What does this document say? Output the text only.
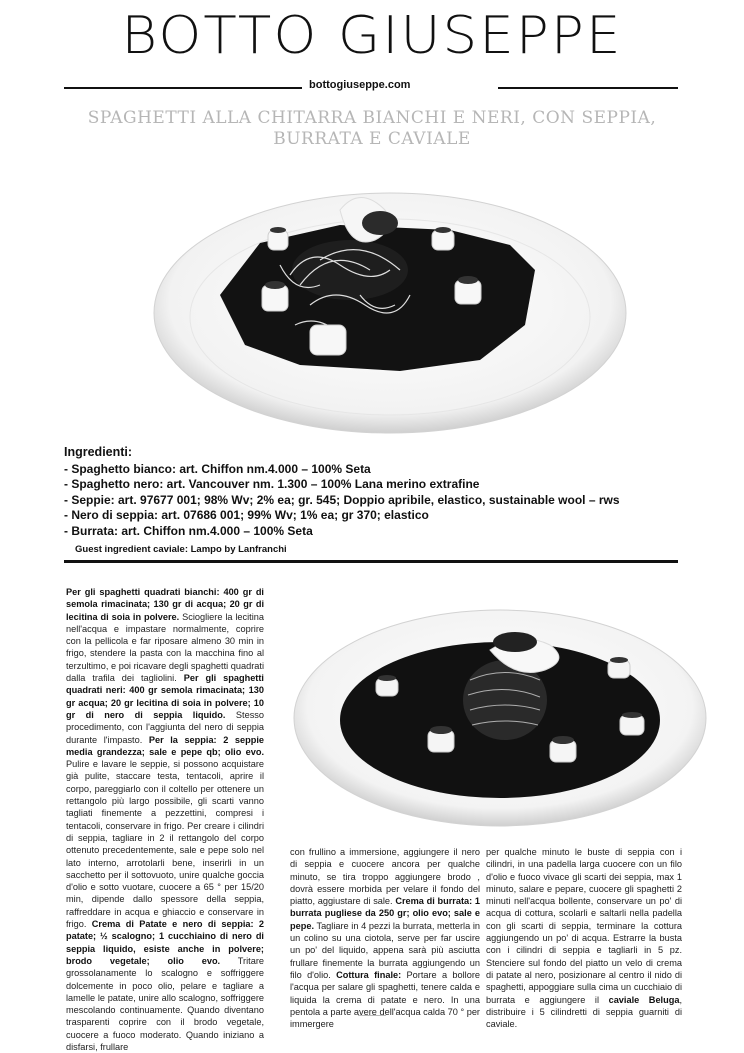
BOTTO GIUSEPPE
bottogiuseppe.com
SPAGHETTI ALLA CHITARRA BIANCHI E NERI, CON SEPPIA, BURRATA E CAVIALE
Ingredienti:
- Spaghetto bianco: art. Chiffon nm.4.000 – 100% Seta
- Spaghetto nero: art. Vancouver nm. 1.300 – 100% Lana merino extrafine
- Seppie: art. 97677 001; 98% Wv; 2% ea; gr. 545; Doppio apribile, elastico, sustainable wool – rws
- Nero di seppia: art. 07686 001; 99% Wv; 1% ea; gr 370; elastico
- Burrata: art. Chiffon nm.4.000 – 100% Seta
Guest ingredient caviale: Lampo by Lanfranchi
Per gli spaghetti quadrati bianchi: 400 gr di semola rimacinata; 130 gr di acqua; 20 gr di lecitina di soia in polvere. Sciogliere la lecitina nell'acqua e impastare normalmente, coprire con la pellicola e far riposare almeno 30 min in frigo, stendere la pasta con la macchina fino al terzultimo, e poi ricavare degli spaghetti quadrati dalla trafila dei tagliolini. Per gli spaghetti quadrati neri: 400 gr semola rimacinata; 130 gr acqua; 20 gr lecitina di soia in polvere; 10 gr di nero di seppia liquido. Stesso procedimento, con l'aggiunta del nero di seppia durante l'impasto. Per la seppia: 2 seppie media grandezza; sale e pepe qb; olio evo. Pulire e lavare le seppie, si possono acquistare già pulite, staccare testa, tentacoli, aprire il corpo, pareggiarlo con il coltello per ottenere un rettangolo più largo possibile, gli scarti vanno tagliati finemente a pezzettini, compresi i tentacoli, conservare in frigo. Per creare i cilindri di seppia, tagliare in 2 il rettangolo del corpo ottenuto precedentemente, sale e pepe solo nel lato interno, arrotolarli bene, inserirli in un sacchetto per il sottovuoto, unire qualche goccia d'olio e sotto vuotare, cuocere a 65 ° per 15/20 min, dipende dallo spessore della seppia, raffreddare in acqua e ghiaccio e conservare in frigo. Crema di Patate e nero di seppia: 2 patate; ½ scalogno; 1 cucchiaino di nero di seppia liquido, esiste anche in polvere; brodo vegetale; olio evo. Tritare grossolanamente lo scalogno e soffriggere dolcemente in poco olio, pelare e tagliare a lamelle le patate, unire allo scalogno, soffriggere mescolando continuamente. Quando diventano trasparenti coprire con il brodo vegetale, cuocere a fuoco moderato. Quando iniziano a disfarsi, frullare
con frullino a immersione, aggiungere il nero di seppia e cuocere ancora per qualche minuto, se tira troppo aggiungere brodo , dovrà essere morbida per velare il fondo del piatto, aggiustare di sale. Crema di burrata: 1 burrata pugliese da 250 gr; olio evo; sale e pepe. Tagliare in 4 pezzi la burrata, metterla in un colino su una ciotola, serve per far uscire un po' del liquido, appena sarà più asciutta frullare finemente la burrata aggiungendo un filo d'olio. Cottura finale: Portare a bollore l'acqua per salare gli spaghetti, tenere calda e liquida la crema di patate e nero. In una pentola a parte avere dell'acqua calda 70 ° per immergere
per qualche minuto le buste di seppia con i cilindri, in una padella larga cuocere con un filo d'olio e fuoco vivace gli scarti dei seppia, max 1 minuto, salare e pepare, cuocere gli spaghetti 2 minuti nell'acqua bollente, conservare un po' di acqua di cottura, scolarli e saltarli nella padella con gli scarti di seppia, terminare la cottura aggiungendo un po' di acqua. Estrarre la busta con i cilindri di seppia e tagliarli in 5 pz. Stenciere sul fondo del piatto un velo di crema di patate al nero, posizionare al centro il nido di spaghetti, appoggiare sulla cima un cucchiaio di burrata e aggiungere il caviale Beluga, distribuire i 5 cilindretti di seppia guarniti di caviale.
